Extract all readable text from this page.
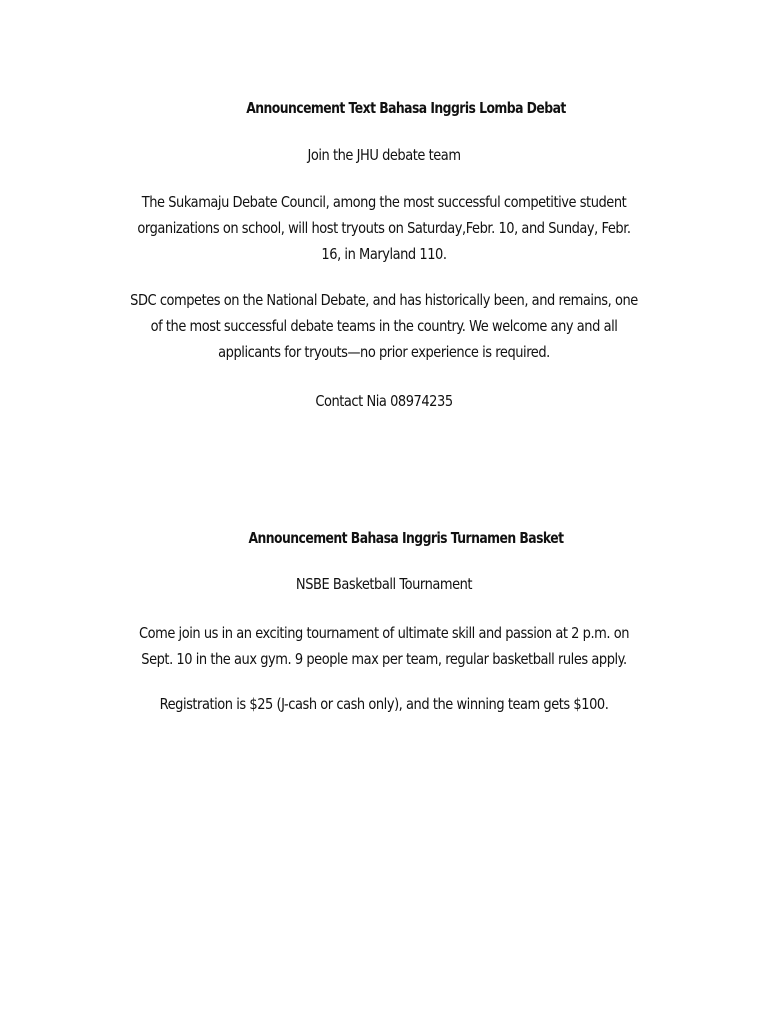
Announcement Text Bahasa Inggris Lomba Debat
Join the JHU debate team
The Sukamaju Debate Council, among the most successful competitive student
organizations on school, will host tryouts on Saturday,Febr. 10, and Sunday, Febr.
16, in Maryland 110.
SDC competes on the National Debate, and has historically been, and remains, one
of the most successful debate teams in the country. We welcome any and all
applicants for tryouts—no prior experience is required.
Contact Nia 08974235
Announcement Bahasa Inggris Turnamen Basket
NSBE Basketball Tournament
Come join us in an exciting tournament of ultimate skill and passion at 2 p.m. on
Sept. 10 in the aux gym. 9 people max per team, regular basketball rules apply.
Registration is $25 (J-cash or cash only), and the winning team gets $100.
